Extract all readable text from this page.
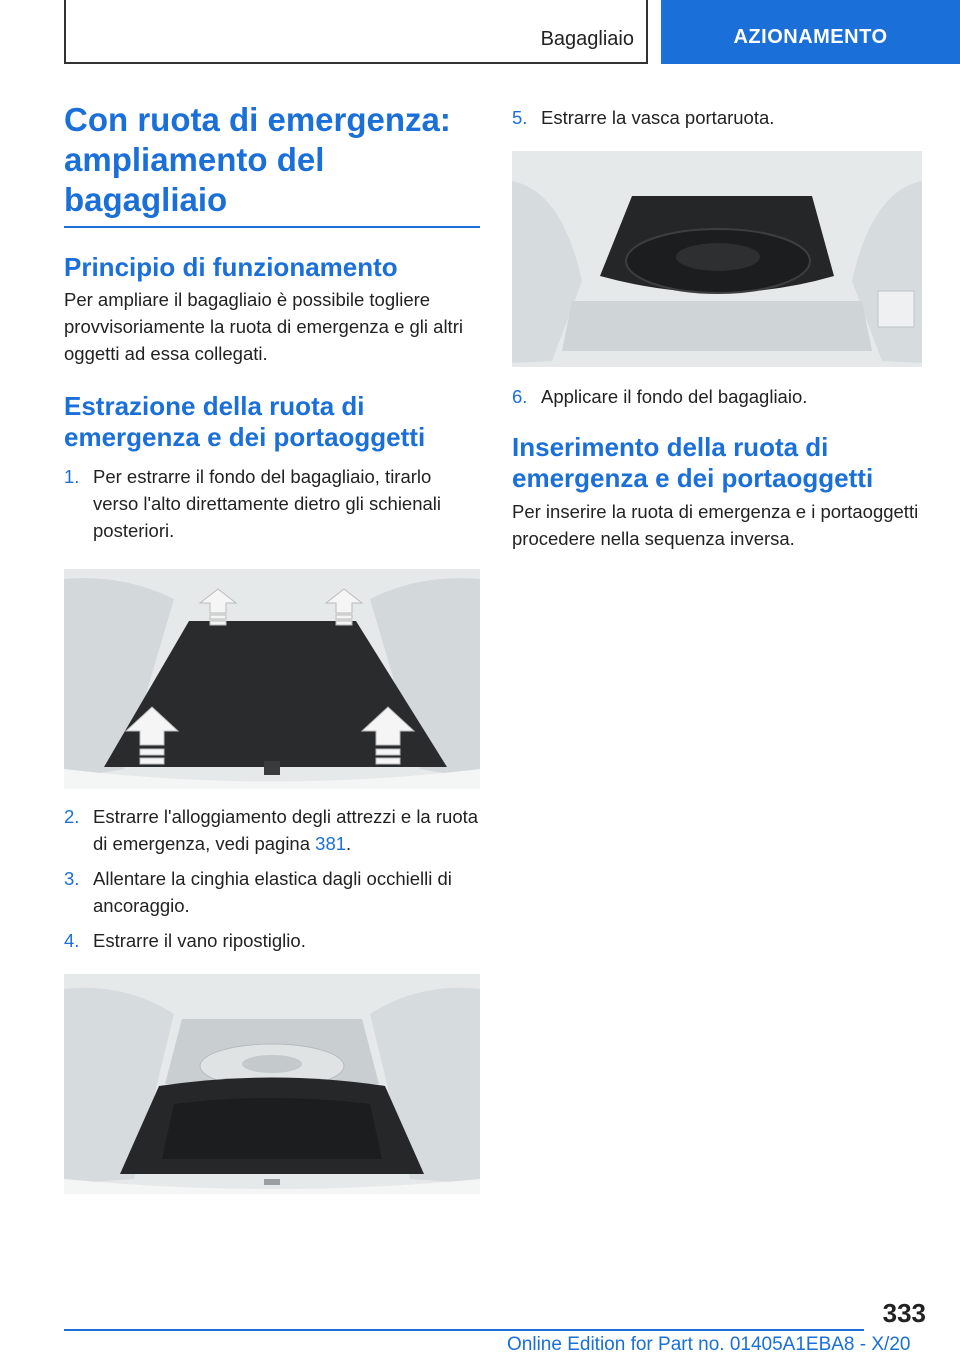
Bagagliaio	AZIONAMENTO
Con ruota di emergenza: ampliamento del bagagliaio
Principio di funzionamento

Per ampliare il bagagliaio è possibile togliere provvisoriamente la ruota di emergenza e gli altri oggetti ad essa collegati.

Estrazione della ruota di emergenza e dei portaoggetti
1. Per estrarre il fondo del bagagliaio, tirarlo verso l'alto direttamente dietro gli schienali posteriori.
2. Estrarre l'alloggiamento degli attrezzi e la ruota di emergenza, vedi pagina 381.
3. Allentare la cinghia elastica dagli occhielli di ancoraggio.
4. Estrarre il vano ripostiglio.
5. Estrarre la vasca portaruota.
6. Applicare il fondo del bagagliaio.
Inserimento della ruota di emergenza e dei portaoggetti

Per inserire la ruota di emergenza e i portaoggetti procedere nella sequenza inversa.

333
Online Edition for Part no. 01405A1EBA8 - X/20
